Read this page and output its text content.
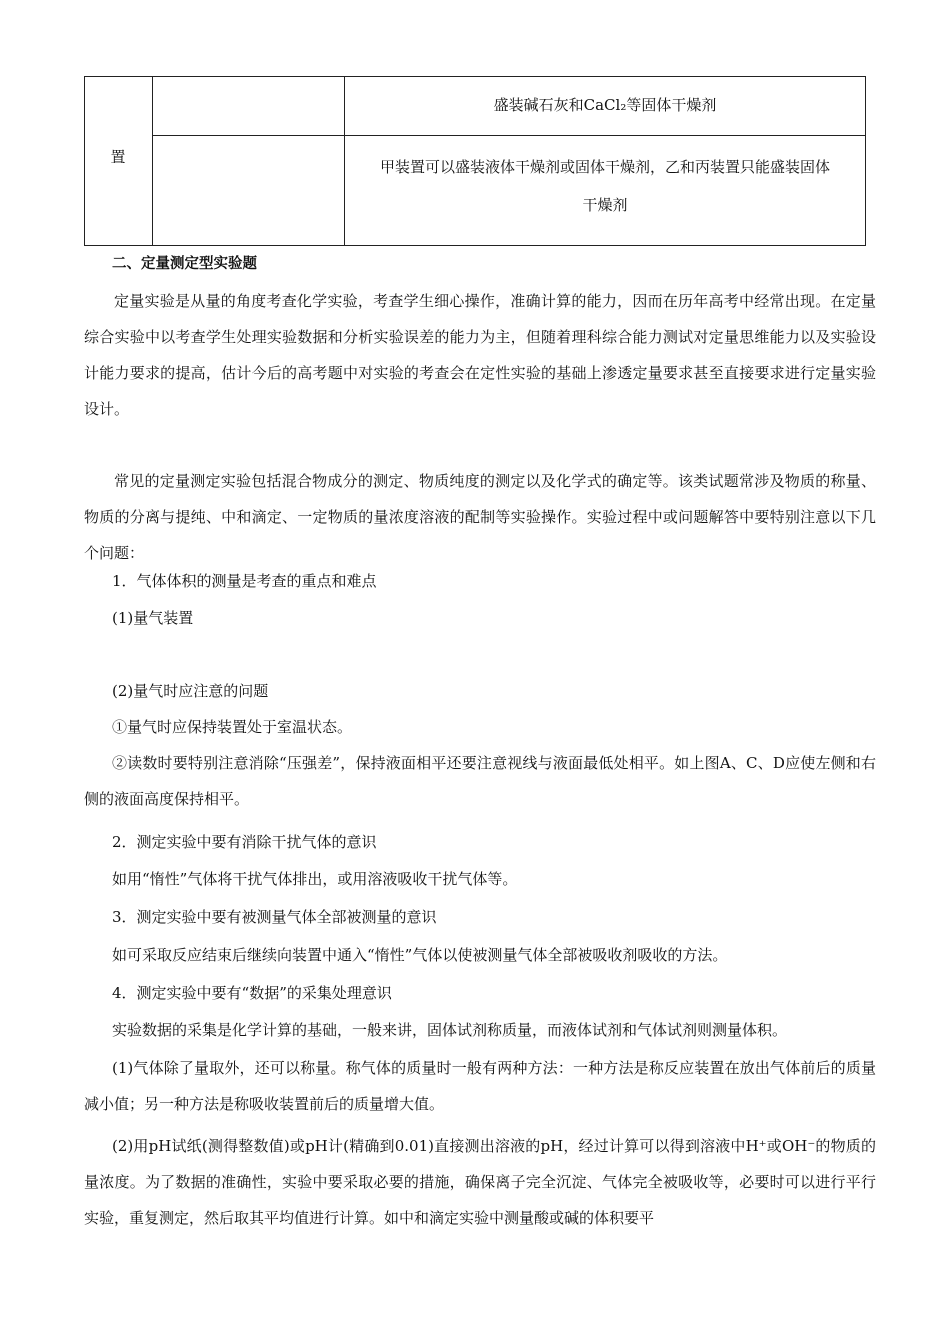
置
盛装碱石灰和CaCl₂等固体干燥剂
甲装置可以盛装液体干燥剂或固体干燥剂，乙和丙装置只能盛装固体
干燥剂

二、定量测定型实验题

定量实验是从量的角度考查化学实验，考查学生细心操作，准确计算的能力，因而在历年高考中经常出现。在定量综合实验中以考查学生处理实验数据和分析实验误差的能力为主，但随着理科综合能力测试对定量思维能力以及实验设计能力要求的提高，估计今后的高考题中对实验的考查会在定性实验的基础上渗透定量要求甚至直接要求进行定量实验设计。

常见的定量测定实验包括混合物成分的测定、物质纯度的测定以及化学式的确定等。该类试题常涉及物质的称量、物质的分离与提纯、中和滴定、一定物质的量浓度溶液的配制等实验操作。实验过程中或问题解答中要特别注意以下几个问题：

1．气体体积的测量是考查的重点和难点

(1)量气装置

(2)量气时应注意的问题

①量气时应保持装置处于室温状态。

②读数时要特别注意消除“压强差”，保持液面相平还要注意视线与液面最低处相平。如上图A、C、D应使左侧和右侧的液面高度保持相平。

2．测定实验中要有消除干扰气体的意识

如用“惰性”气体将干扰气体排出，或用溶液吸收干扰气体等。

3．测定实验中要有被测量气体全部被测量的意识

如可采取反应结束后继续向装置中通入“惰性”气体以使被测量气体全部被吸收剂吸收的方法。

4．测定实验中要有“数据”的采集处理意识

实验数据的采集是化学计算的基础，一般来讲，固体试剂称质量，而液体试剂和气体试剂则测量体积。

(1)气体除了量取外，还可以称量。称气体的质量时一般有两种方法：一种方法是称反应装置在放出气体前后的质量减小值；另一种方法是称吸收装置前后的质量增大值。

(2)用pH试纸(测得整数值)或pH计(精确到0.01)直接测出溶液的pH，经过计算可以得到溶液中H⁺或OH⁻的物质的量浓度。为了数据的准确性，实验中要采取必要的措施，确保离子完全沉淀、气体完全被吸收等，必要时可以进行平行实验，重复测定，然后取其平均值进行计算。如中和滴定实验中测量酸或碱的体积要平
